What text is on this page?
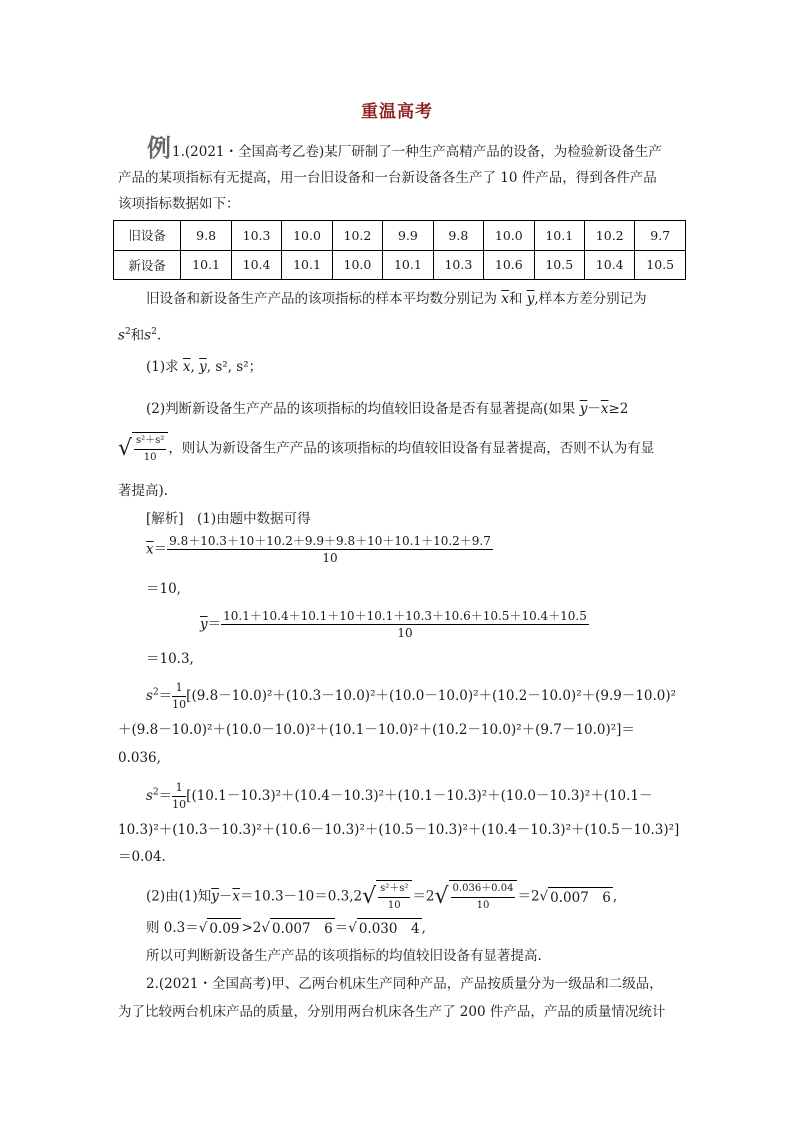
重温高考
例 1.(2021・全国高考乙卷)某厂研制了一种生产高精产品的设备，为检验新设备生产
产品的某项指标有无提高，用一台旧设备和一台新设备各生产了 10 件产品，得到各件产品
该项指标数据如下：
旧设备	9.8	10.3	10.0	10.2	9.9	9.8	10.0	10.1	10.2	9.7
新设备	10.1	10.4	10.1	10.0	10.1	10.3	10.6	10.5	10.4	10.5
旧设备和新设备生产产品的该项指标的样本平均数分别记为 $\overline{x}$和 $\overline{y}$,样本方差分别记为
$s^2$和$s^2$.
(1)求 $\overline{x}$, $\overline{y}$, s², s²；
(2)判断新设备生产产品的该项指标的均值较旧设备是否有显著提高(如果 $\overline{y}-\overline{x}\ge 2$
√ $\frac{\text{s²＋s²}}{10}$ ，则认为新设备生产产品的该项指标的均值较旧设备有显著提高，否则不认为有显
著提高).
[解析]　(1)由题中数据可得
$\overline{x}= \frac{9.8+10.3+10+10.2+9.9+9.8+10+10.1+10.2+9.7}{10}$
＝10,
$\overline{y}= \frac{10.1+10.4+10.1+10+10.1+10.3+10.6+10.5+10.4+10.5}{10}$
＝10.3,
$s^2= \frac{1}{10} [(9.8-10.0)^2+(10.3-10.0)^2+(10.0-10.0)^2+(10.2-10.0)^2+(9.9-10.0)^2$
＋(9.8－10.0)²＋(10.0－10.0)²＋(10.1－10.0)²＋(10.2－10.0)²＋(9.7－10.0)²]＝
0.036,
$s^2= \frac{1}{10} [(10.1-10.3)^2+(10.4-10.3)^2+(10.1-10.3)^2+(10.0-10.3)^2+(10.1-$
10.3)²＋(10.3－10.3)²＋(10.6－10.3)²＋(10.5－10.3)²＋(10.4－10.3)²＋(10.5－10.3)²]
＝0.04.
(2)由(1)知$\overline{y}-\overline{x}=10.3-10=0.3,2√ \frac{\text{s²＋s²}}{10} =2√ \frac{0.036+0.04}{10} =2√$ 0.007　6 ,
则 0.3＝√ 0.09 >2√ 0.007　6 ＝√ 0.030　4 ,
所以可判断新设备生产产品的该项指标的均值较旧设备有显著提高.
2.(2021・全国高考)甲、乙两台机床生产同种产品，产品按质量分为一级品和二级品，
为了比较两台机床产品的质量，分别用两台机床各生产了 200 件产品，产品的质量情况统计
